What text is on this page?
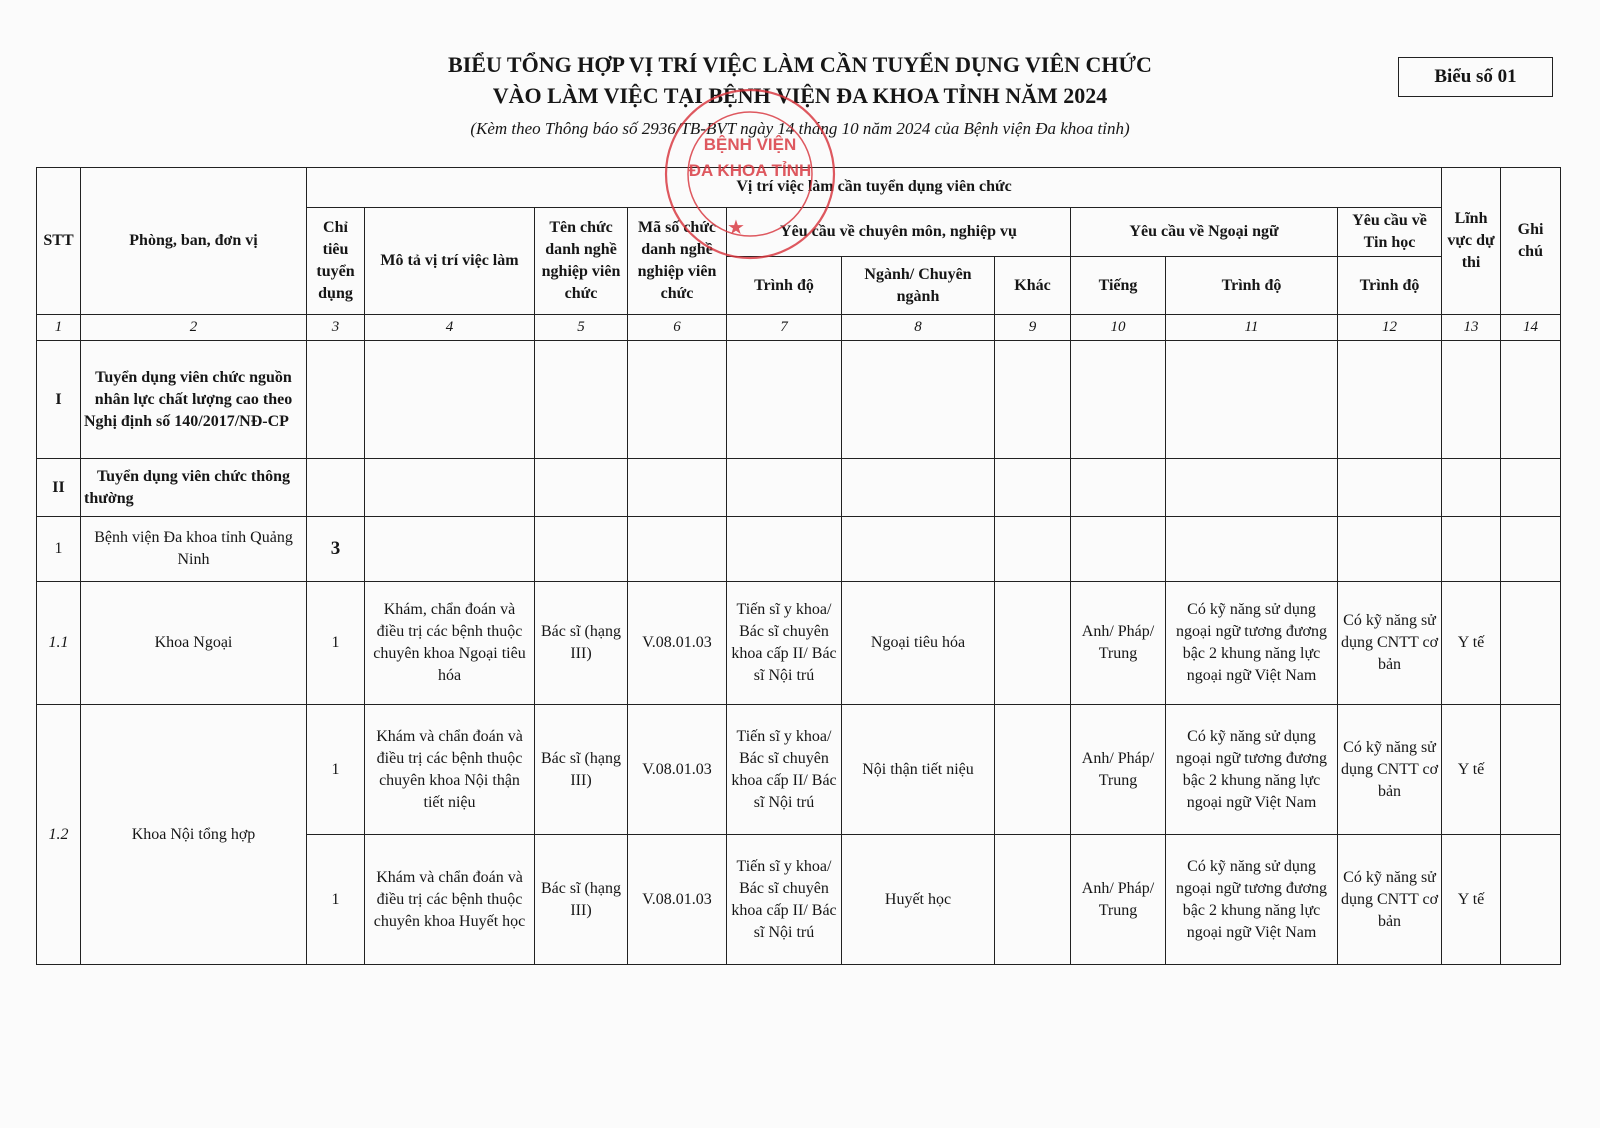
BIỂU TỔNG HỢP VỊ TRÍ VIỆC LÀM CẦN TUYỂN DỤNG VIÊN CHỨC
VÀO LÀM VIỆC TẠI BỆNH VIỆN ĐA KHOA TỈNH NĂM 2024
(Kèm theo Thông báo số 2936/TB-BVT ngày 14 tháng 10 năm 2024 của Bệnh viện Đa khoa tỉnh)
Biểu số 01
STT	Phòng, ban, đơn vị	Vị trí việc làm cần tuyển dụng viên chức										Lĩnh vực dự thi	Ghi chú
		Chỉ tiêu tuyển dụng	Mô tả vị trí việc làm	Tên chức danh nghề nghiệp viên chức	Mã số chức danh nghề nghiệp viên chức	Yêu cầu về chuyên môn, nghiệp vụ			Yêu cầu về Ngoại ngữ		Yêu cầu về Tin học		
						Trình độ	Ngành/ Chuyên ngành	Khác	Tiếng	Trình độ	Trình độ		
1	2	3	4	5	6	7	8	9	10	11	12	13	14
I	Tuyển dụng viên chức nguồn nhân lực chất lượng cao theo Nghị định số 140/2017/NĐ-CP												
II	Tuyển dụng viên chức thông thường												
1	Bệnh viện Đa khoa tỉnh Quảng Ninh	3											
1.1	Khoa Ngoại	1	Khám, chẩn đoán và điều trị các bệnh thuộc chuyên khoa Ngoại tiêu hóa	Bác sĩ (hạng III)	V.08.01.03	Tiến sĩ y khoa/ Bác sĩ chuyên khoa cấp II/ Bác sĩ Nội trú	Ngoại tiêu hóa		Anh/ Pháp/ Trung	Có kỹ năng sử dụng ngoại ngữ tương đương bậc 2 khung năng lực ngoại ngữ Việt Nam	Có kỹ năng sử dụng CNTT cơ bản	Y tế	
1.2	Khoa Nội tổng hợp	1	Khám và chẩn đoán và điều trị các bệnh thuộc chuyên khoa Nội thận tiết niệu	Bác sĩ (hạng III)	V.08.01.03	Tiến sĩ y khoa/ Bác sĩ chuyên khoa cấp II/ Bác sĩ Nội trú	Nội thận tiết niệu		Anh/ Pháp/ Trung	Có kỹ năng sử dụng ngoại ngữ tương đương bậc 2 khung năng lực ngoại ngữ Việt Nam	Có kỹ năng sử dụng CNTT cơ bản	Y tế	
		1	Khám và chẩn đoán và điều trị các bệnh thuộc chuyên khoa Huyết học	Bác sĩ (hạng III)	V.08.01.03	Tiến sĩ y khoa/ Bác sĩ chuyên khoa cấp II/ Bác sĩ Nội trú	Huyết học		Anh/ Pháp/ Trung	Có kỹ năng sử dụng ngoại ngữ tương đương bậc 2 khung năng lực ngoại ngữ Việt Nam	Có kỹ năng sử dụng CNTT cơ bản	Y tế	
BỆNH VIỆN
ĐA KHOA TỈNH
★
